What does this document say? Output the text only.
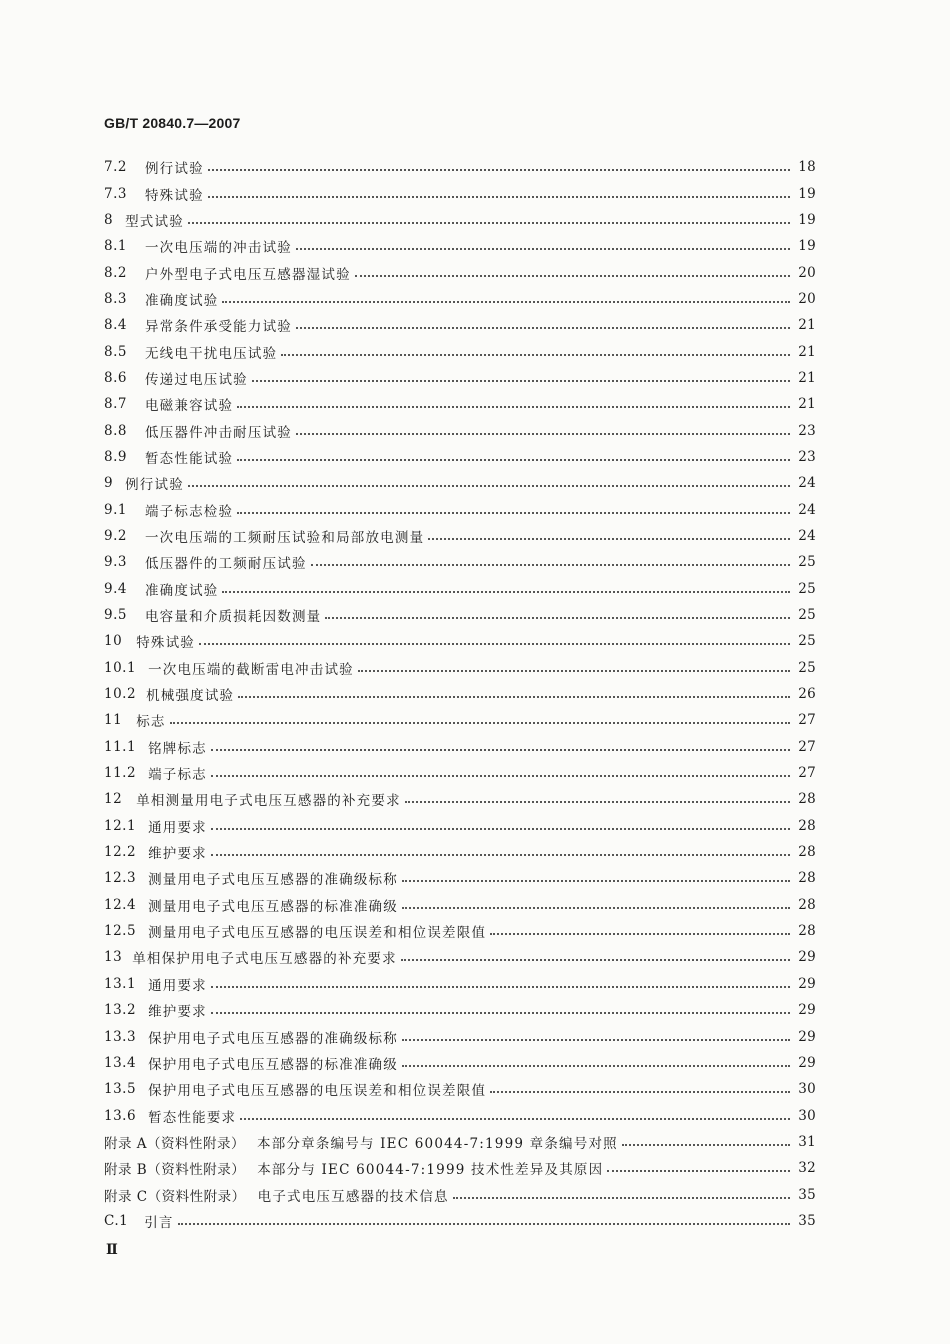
GB/T 20840.7—2007
7.2 例行试验	18
7.3 特殊试验	19
8 型式试验	19
8.1 一次电压端的冲击试验	19
8.2 户外型电子式电压互感器湿试验	20
8.3 准确度试验	20
8.4 异常条件承受能力试验	21
8.5 无线电干扰电压试验	21
8.6 传递过电压试验	21
8.7 电磁兼容试验	21
8.8 低压器件冲击耐压试验	23
8.9 暂态性能试验	23
9 例行试验	24
9.1 端子标志检验	24
9.2 一次电压端的工频耐压试验和局部放电测量	24
9.3 低压器件的工频耐压试验	25
9.4 准确度试验	25
9.5 电容量和介质损耗因数测量	25
10 特殊试验	25
10.1 一次电压端的截断雷电冲击试验	25
10.2 机械强度试验	26
11 标志	27
11.1 铭牌标志	27
11.2 端子标志	27
12 单相测量用电子式电压互感器的补充要求	28
12.1 通用要求	28
12.2 维护要求	28
12.3 测量用电子式电压互感器的准确级标称	28
12.4 测量用电子式电压互感器的标准准确级	28
12.5 测量用电子式电压互感器的电压误差和相位误差限值	28
13 单相保护用电子式电压互感器的补充要求	29
13.1 通用要求	29
13.2 维护要求	29
13.3 保护用电子式电压互感器的准确级标称	29
13.4 保护用电子式电压互感器的标准准确级	29
13.5 保护用电子式电压互感器的电压误差和相位误差限值	30
13.6 暂态性能要求	30
附录 A（资料性附录） 本部分章条编号与 IEC 60044-7:1999 章条编号对照	31
附录 B（资料性附录） 本部分与 IEC 60044-7:1999 技术性差异及其原因	32
附录 C（资料性附录） 电子式电压互感器的技术信息	35
C.1 引言	35
Ⅱ
